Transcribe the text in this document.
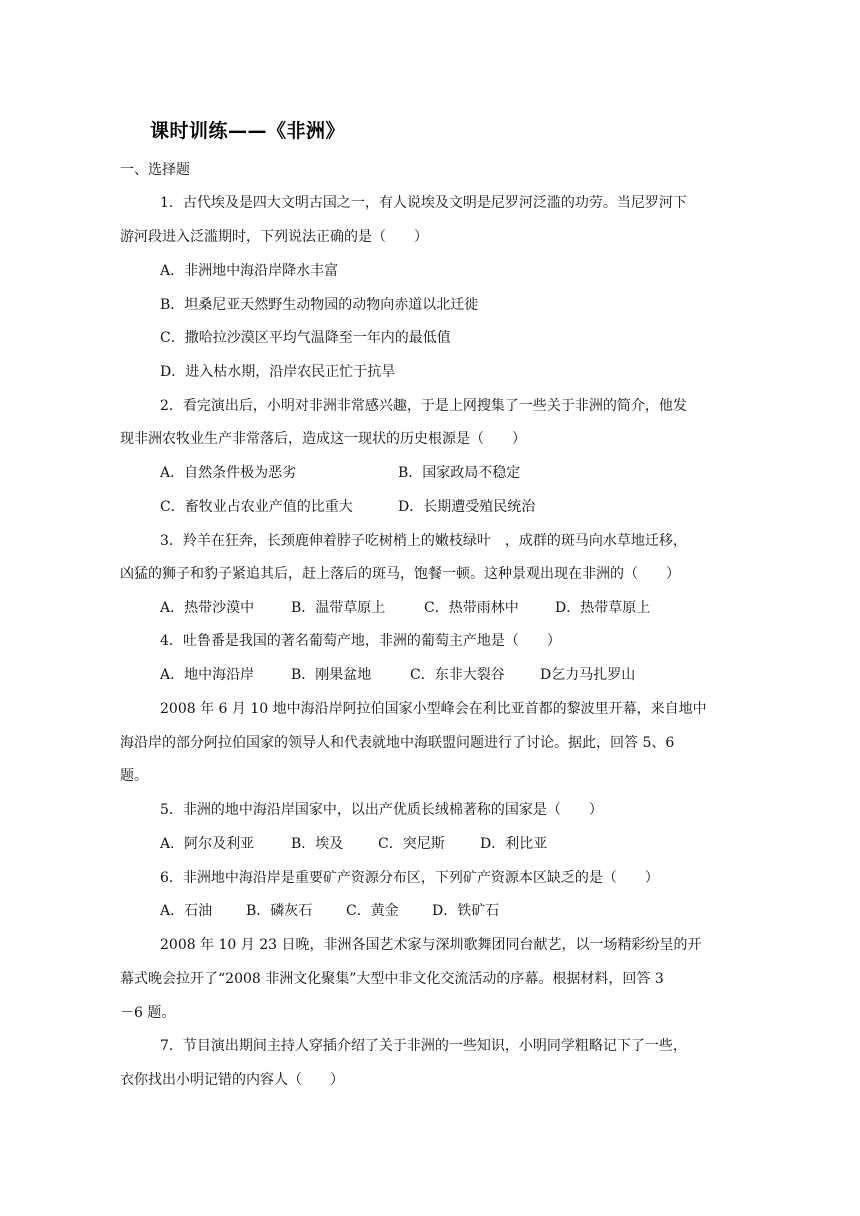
课时训练——《非洲》
一、选择题
1．古代埃及是四大文明古国之一，有人说埃及文明是尼罗河泛滥的功劳。当尼罗河下
游河段进入泛滥期时，下列说法正确的是（　　）
A．非洲地中海沿岸降水丰富
B．坦桑尼亚天然野生动物园的动物向赤道以北迁徙
C．撒哈拉沙漠区平均气温降至一年内的最低值
D．进入枯水期，沿岸农民正忙于抗旱
2．看完演出后，小明对非洲非常感兴趣，于是上网搜集了一些关于非洲的简介，他发
现非洲农牧业生产非常落后，造成这一现状的历史根源是（　　）
A．自然条件极为恶劣	B．国家政局不稳定
C．畜牧业占农业产值的比重大	D．长期遭受殖民统治
3．羚羊在狂奔，长颈鹿伸着脖子吃树梢上的嫩枝绿叶　，成群的斑马向水草地迁移，
凶猛的狮子和豹子紧追其后，赶上落后的斑马，饱餐一顿。这种景观出现在非洲的（　　）
A．热带沙漠中	B．温带草原上	C．热带雨林中	D．热带草原上
4．吐鲁番是我国的著名葡萄产地，非洲的葡萄主产地是（　　）
A．地中海沿岸	B．刚果盆地	C．东非大裂谷	D乞力马扎罗山
2008 年 6 月 10 地中海沿岸阿拉伯国家小型峰会在利比亚首都的黎波里开幕，来自地中
海沿岸的部分阿拉伯国家的领导人和代表就地中海联盟问题进行了讨论。据此，回答 5、6
题。
5．非洲的地中海沿岸国家中，以出产优质长绒棉著称的国家是（　　）
A．阿尔及利亚	B．埃及 C．突尼斯	D．利比亚
6．非洲地中海沿岸是重要矿产资源分布区，下列矿产资源本区缺乏的是（　　）
A．石油 B．磷灰石 C．黄金 D．铁矿石
2008 年 10 月 23 日晚，非洲各国艺术家与深圳歌舞团同台献艺，以一场精彩纷呈的开
幕式晚会拉开了“2008 非洲文化聚集”大型中非文化交流活动的序幕。根据材料，回答 3
－6 题。
7．节目演出期间主持人穿插介绍了关于非洲的一些知识，小明同学粗略记下了一些，
衣你找出小明记错的内容人（　　）
